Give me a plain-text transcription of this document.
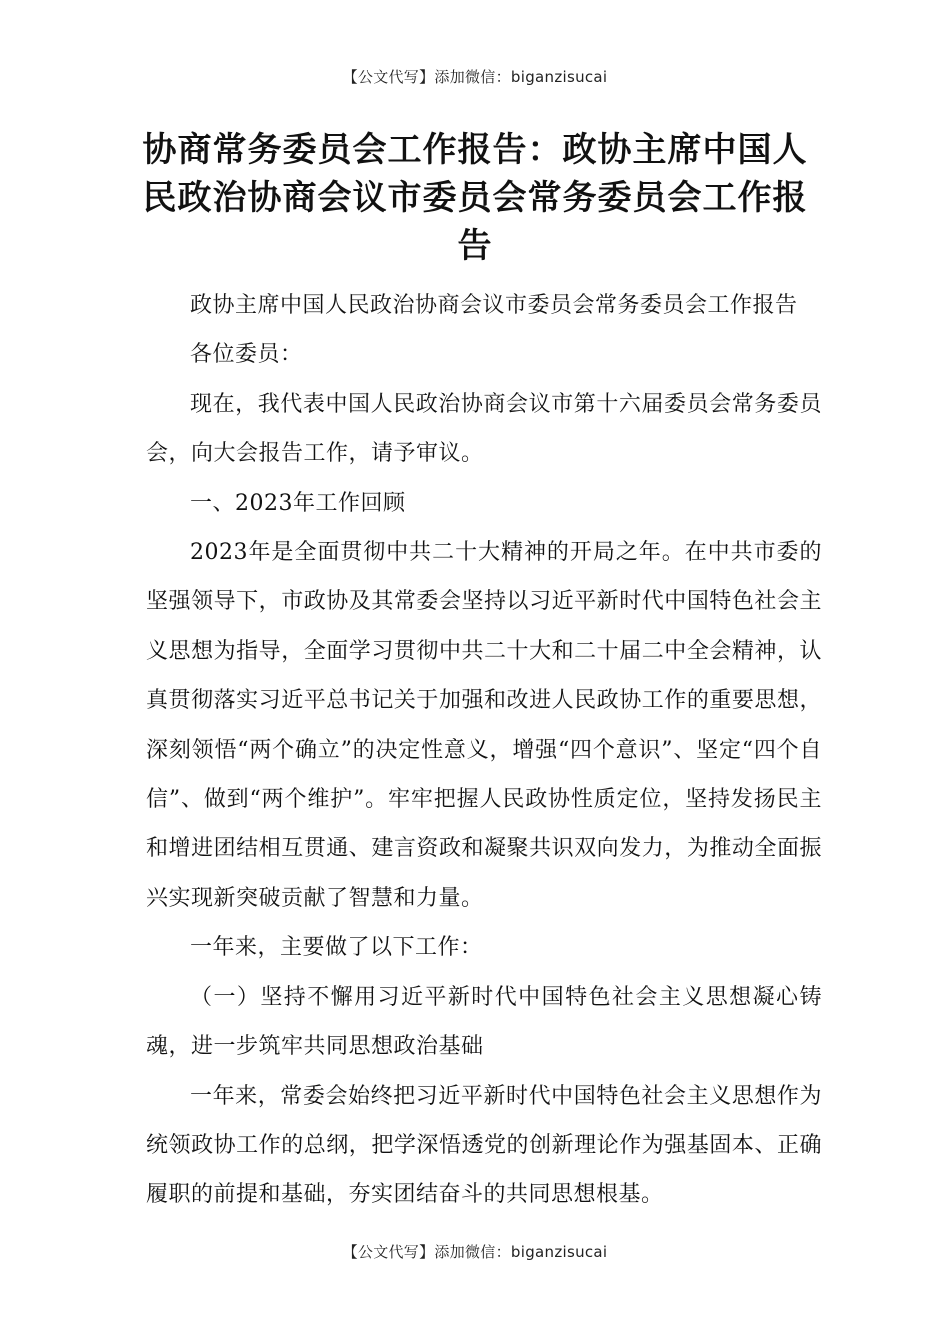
【公文代写】添加微信：biganzisucai
协商常务委员会工作报告：政协主席中国人民政治协商会议市委员会常务委员会工作报告

政协主席中国人民政治协商会议市委员会常务委员会工作报告

各位委员：

现在，我代表中国人民政治协商会议市第十六届委员会常务委员会，向大会报告工作，请予审议。

一、2023年工作回顾

2023年是全面贯彻中共二十大精神的开局之年。在中共市委的坚强领导下，市政协及其常委会坚持以习近平新时代中国特色社会主义思想为指导，全面学习贯彻中共二十大和二十届二中全会精神，认真贯彻落实习近平总书记关于加强和改进人民政协工作的重要思想，深刻领悟“两个确立”的决定性意义，增强“四个意识”、坚定“四个自信”、做到“两个维护”。牢牢把握人民政协性质定位，坚持发扬民主和增进团结相互贯通、建言资政和凝聚共识双向发力，为推动全面振兴实现新突破贡献了智慧和力量。

一年来，主要做了以下工作：

（一）坚持不懈用习近平新时代中国特色社会主义思想凝心铸魂，进一步筑牢共同思想政治基础

一年来，常委会始终把习近平新时代中国特色社会主义思想作为统领政协工作的总纲，把学深悟透党的创新理论作为强基固本、正确履职的前提和基础，夯实团结奋斗的共同思想根基。

【公文代写】添加微信：biganzisucai
